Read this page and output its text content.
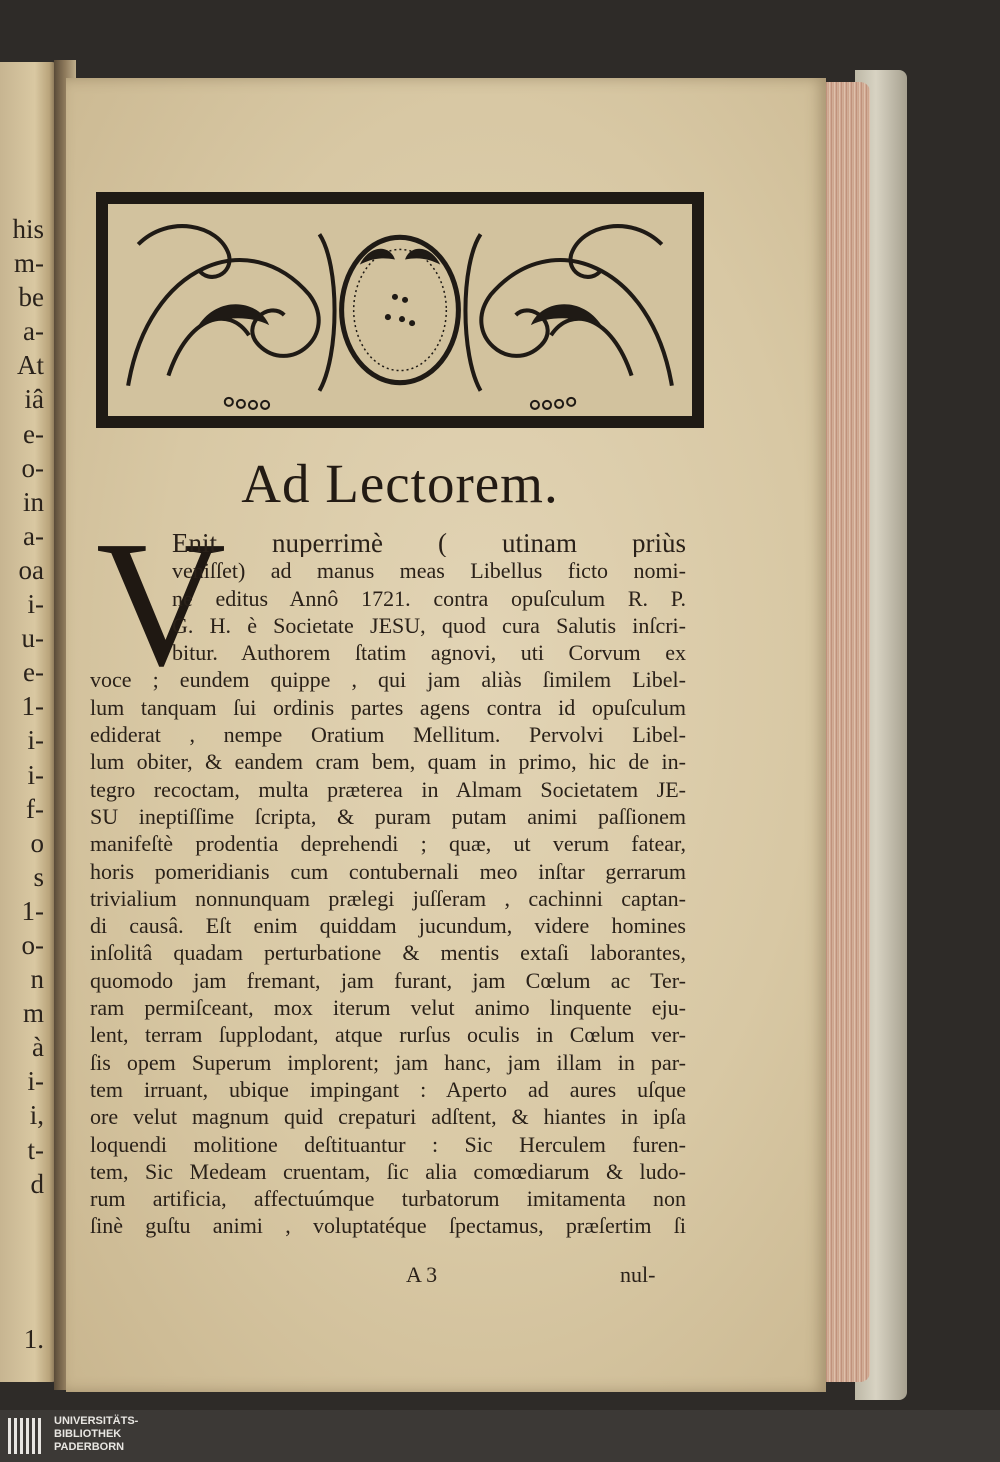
his
m-
be
a-
At
iâ
e-
o-
in
a-
oa
i-
u-
e-
1-
i-
i-
f-
o
s
1-
o-
n
m
à
i-
i,
t-
d
1.
Ad Lectorem.
V
Enit nuperrimè ( utinam priùs
veniſſet) ad manus meas Libellus ficto nomi-
ne editus Annô 1721. contra opuſculum R. P.
G. H. è Societate JESU, quod cura Salutis inſcri-
bitur. Authorem ſtatim agnovi, uti Corvum ex
voce ; eundem quippe , qui jam aliàs ſimilem Libel-
lum tanquam ſui ordinis partes agens contra id opuſculum
ediderat , nempe Oratium Mellitum. Pervolvi Libel-
lum obiter, & eandem cram bem, quam in primo, hic de in-
tegro recoctam, multa præterea in Almam Societatem JE-
SU ineptiſſime ſcripta, & puram putam animi paſſionem
manifeſtè prodentia deprehendi ; quæ, ut verum fatear,
horis pomeridianis cum contubernali meo inſtar gerrarum
trivialium nonnunquam prælegi juſſeram , cachinni captan-
di causâ. Eſt enim quiddam jucundum, videre homines
inſolitâ quadam perturbatione & mentis extaſi laborantes,
quomodo jam fremant, jam furant, jam Cœlum ac Ter-
ram permiſceant, mox iterum velut animo linquente eju-
lent, terram ſupplodant, atque rurſus oculis in Cœlum ver-
ſis opem Superum implorent; jam hanc, jam illam in par-
tem irruant, ubique impingant : Aperto ad aures uſque
ore velut magnum quid crepaturi adſtent, & hiantes in ipſa
loquendi molitione deſtituantur : Sic Herculem furen-
tem, Sic Medeam cruentam, ſic alia comœdiarum & ludo-
rum artificia, affectuúmque turbatorum imitamenta non
ſinè guſtu animi , voluptatéque ſpectamus, præſertim ſi
A 3	nul-
UNIVERSITÄTS-
BIBLIOTHEK
PADERBORN
